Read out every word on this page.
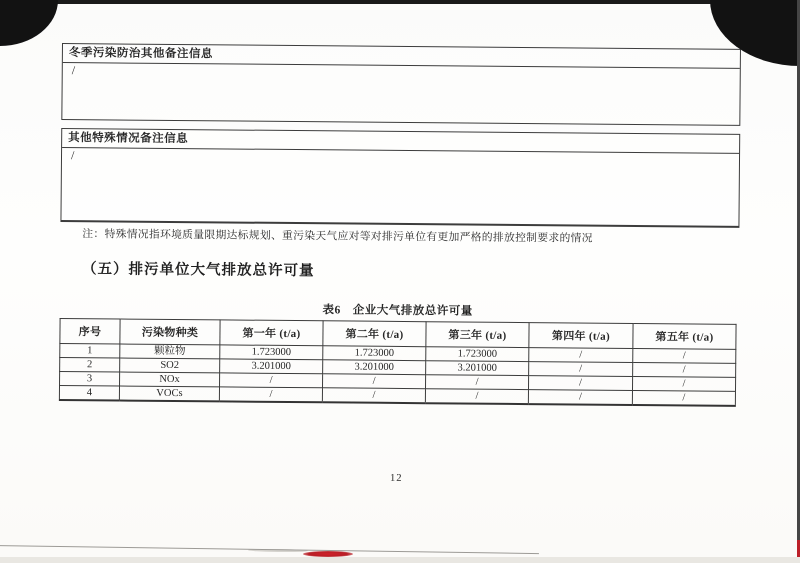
冬季污染防治其他备注信息
/
其他特殊情况备注信息
/
注：特殊情况指环境质量限期达标规划、重污染天气应对等对排污单位有更加严格的排放控制要求的情况
（五）排污单位大气排放总许可量
表6　企业大气排放总许可量
序号	污染物种类	第一年 (t/a)	第二年 (t/a)	第三年 (t/a)	第四年 (t/a)	第五年 (t/a)
1	颗粒物	1.723000	1.723000	1.723000	/	/
2	SO2	3.201000	3.201000	3.201000	/	/
3	NOx	/	/	/	/	/
4	VOCs	/	/	/	/	/
12
